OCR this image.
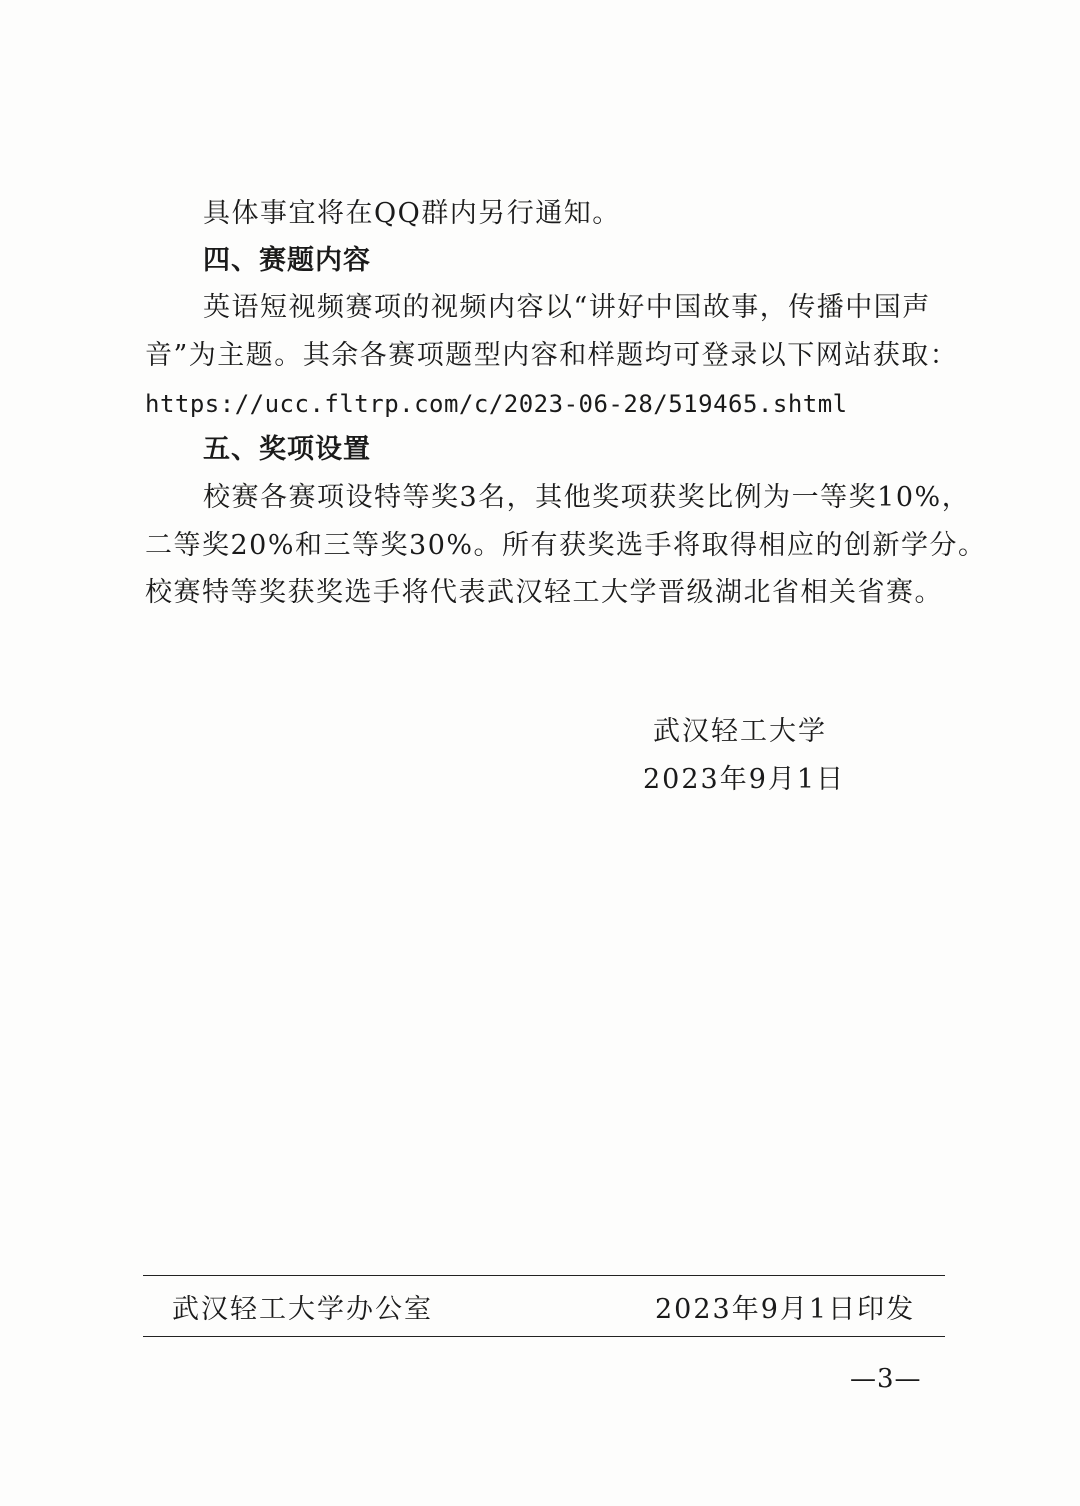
具体事宜将在QQ群内另行通知。
四、赛题内容
英语短视频赛项的视频内容以“讲好中国故事，传播中国声
音”为主题。其余各赛项题型内容和样题均可登录以下网站获取：
https://ucc.fltrp.com/c/2023-06-28/519465.shtml
五、奖项设置
校赛各赛项设特等奖3名，其他奖项获奖比例为一等奖10%，
二等奖20%和三等奖30%。所有获奖选手将取得相应的创新学分。
校赛特等奖获奖选手将代表武汉轻工大学晋级湖北省相关省赛。
武汉轻工大学
2023年9月1日
武汉轻工大学办公室	2023年9月1日印发
—3—
